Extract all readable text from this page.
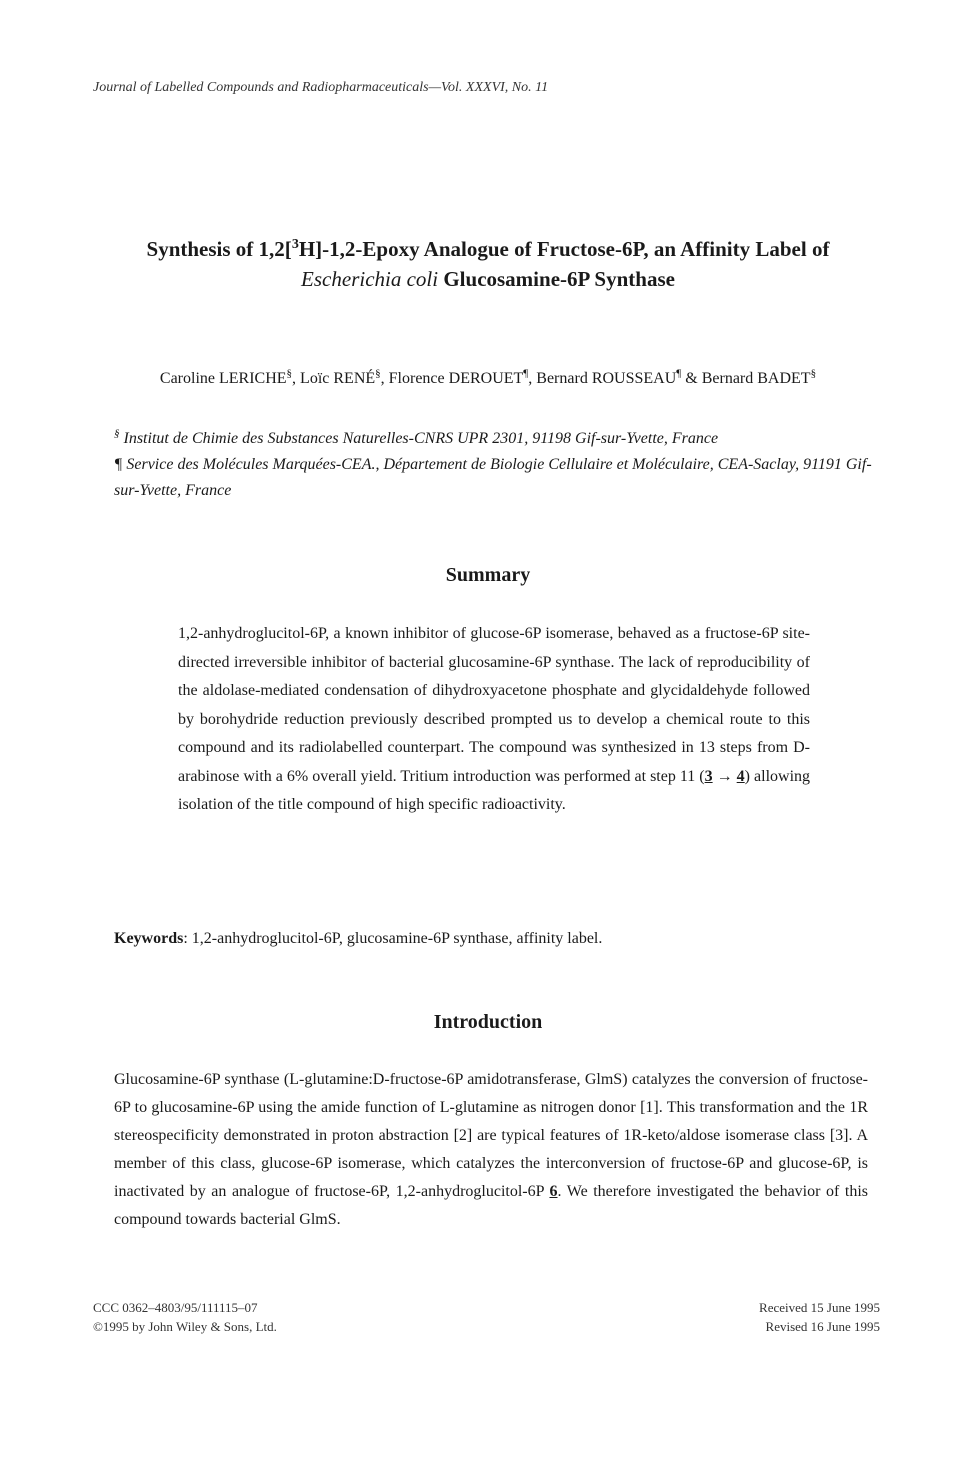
Journal of Labelled Compounds and Radiopharmaceuticals—Vol. XXXVI, No. 11
Synthesis of 1,2[$^3$H]-1,2-Epoxy Analogue of Fructose-6P, an Affinity Label of
Escherichia coli Glucosamine-6P Synthase
Caroline LERICHE§, Loïc RENÉ§, Florence DEROUET¶, Bernard ROUSSEAU¶ & Bernard BADET§
§ Institut de Chimie des Substances Naturelles-CNRS UPR 2301, 91198 Gif-sur-Yvette, France
¶ Service des Molécules Marquées-CEA., Département de Biologie Cellulaire et Moléculaire, CEA-Saclay, 91191 Gif-sur-Yvette, France
Summary
1,2-anhydroglucitol-6P, a known inhibitor of glucose-6P isomerase, behaved as a fructose-6P site-directed irreversible inhibitor of bacterial glucosamine-6P synthase. The lack of reproducibility of the aldolase-mediated condensation of dihydroxyacetone phosphate and glycidaldehyde followed by borohydride reduction previously described prompted us to develop a chemical route to this compound and its radiolabelled counterpart. The compound was synthesized in 13 steps from D-arabinose with a 6% overall yield. Tritium introduction was performed at step 11 (3 → 4) allowing isolation of the title compound of high specific radioactivity.
Keywords: 1,2-anhydroglucitol-6P, glucosamine-6P synthase, affinity label.
Introduction
Glucosamine-6P synthase (L-glutamine:D-fructose-6P amidotransferase, GlmS) catalyzes the conversion of fructose-6P to glucosamine-6P using the amide function of L-glutamine as nitrogen donor [1]. This transformation and the 1R stereospecificity demonstrated in proton abstraction [2] are typical features of 1R-keto/aldose isomerase class [3]. A member of this class, glucose-6P isomerase, which catalyzes the interconversion of fructose-6P and glucose-6P, is inactivated by an analogue of fructose-6P, 1,2-anhydroglucitol-6P 6. We therefore investigated the behavior of this compound towards bacterial GlmS.
CCC 0362–4803/95/111115–07
©1995 by John Wiley & Sons, Ltd.
Received 15 June 1995
Revised 16 June 1995
